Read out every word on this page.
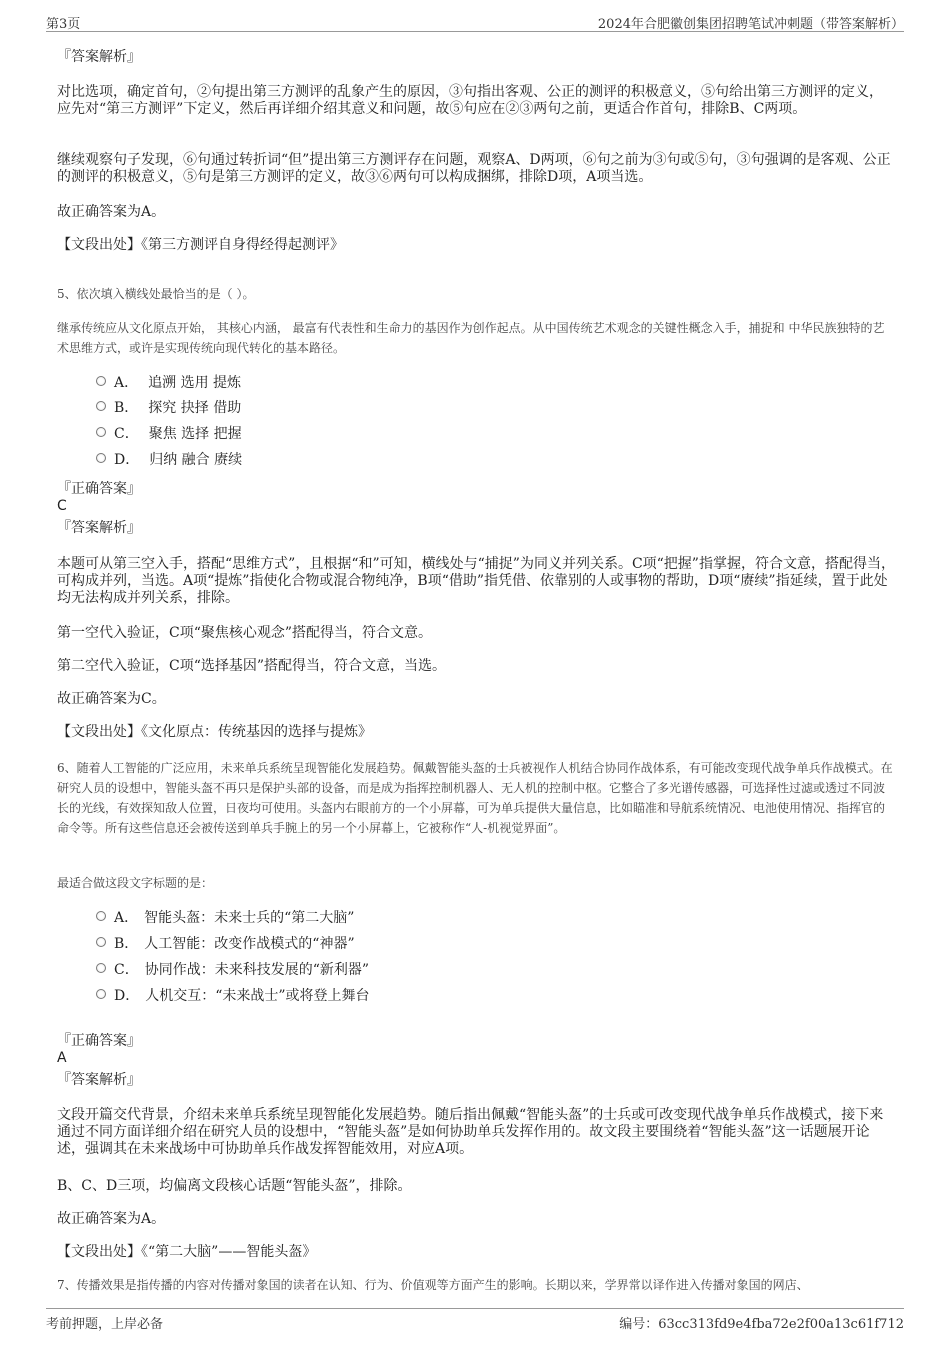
第3页	2024年合肥徽创集团招聘笔试冲刺题（带答案解析）
『答案解析』
对比选项，确定首句，②句提出第三方测评的乱象产生的原因，③句指出客观、公正的测评的积极意义，⑤句给出第三方测评的定义，应先对“第三方测评”下定义，然后再详细介绍其意义和问题，故⑤句应在②③两句之前，更适合作首句，排除B、C两项。
继续观察句子发现，⑥句通过转折词“但”提出第三方测评存在问题，观察A、D两项，⑥句之前为③句或⑤句，③句强调的是客观、公正的测评的积极意义，⑤句是第三方测评的定义，故③⑥两句可以构成捆绑，排除D项，A项当选。
故正确答案为A。
【文段出处】《第三方测评自身得经得起测评》
5、依次填入横线处最恰当的是（ ）。
继承传统应从文化原点开始， 其核心内涵， 最富有代表性和生命力的基因作为创作起点。从中国传统艺术观念的关键性概念入手，捕捉和 中华民族独特的艺术思维方式，或许是实现传统向现代转化的基本路径。
A． 追溯 选用 提炼
B． 探究 抉择 借助
C． 聚焦 选择 把握
D． 归纳 融合 赓续
『正确答案』
C
『答案解析』
本题可从第三空入手，搭配“思维方式”，且根据“和”可知，横线处与“捕捉”为同义并列关系。C项“把握”指掌握，符合文意，搭配得当，可构成并列，当选。A项“提炼”指使化合物或混合物纯净，B项“借助”指凭借、依靠别的人或事物的帮助，D项“赓续”指延续，置于此处均无法构成并列关系，排除。
第一空代入验证，C项“聚焦核心观念”搭配得当，符合文意。
第二空代入验证，C项“选择基因”搭配得当，符合文意，当选。
故正确答案为C。
【文段出处】《文化原点：传统基因的选择与提炼》
6、随着人工智能的广泛应用，未来单兵系统呈现智能化发展趋势。佩戴智能头盔的士兵被视作人机结合协同作战体系，有可能改变现代战争单兵作战模式。在研究人员的设想中，智能头盔不再只是保护头部的设备，而是成为指挥控制机器人、无人机的控制中枢。它整合了多光谱传感器，可选择性过滤或透过不同波长的光线，有效探知敌人位置，日夜均可使用。头盔内右眼前方的一个小屏幕，可为单兵提供大量信息，比如瞄准和导航系统情况、电池使用情况、指挥官的命令等。所有这些信息还会被传送到单兵手腕上的另一个小屏幕上，它被称作“人-机视觉界面”。
最适合做这段文字标题的是：
A． 智能头盔：未来士兵的“第二大脑”
B． 人工智能：改变作战模式的“神器”
C． 协同作战：未来科技发展的“新利器”
D． 人机交互：“未来战士”或将登上舞台
『正确答案』
A
『答案解析』
文段开篇交代背景，介绍未来单兵系统呈现智能化发展趋势。随后指出佩戴“智能头盔”的士兵或可改变现代战争单兵作战模式，接下来通过不同方面详细介绍在研究人员的设想中，“智能头盔”是如何协助单兵发挥作用的。故文段主要围绕着“智能头盔”这一话题展开论述，强调其在未来战场中可协助单兵作战发挥智能效用，对应A项。
B、C、D三项，均偏离文段核心话题“智能头盔”，排除。
故正确答案为A。
【文段出处】《“第二大脑”——智能头盔》
7、传播效果是指传播的内容对传播对象国的读者在认知、行为、价值观等方面产生的影响。长期以来，学界常以译作进入传播对象国的网店、
考前押题，上岸必备	编号：63cc313fd9e4fba72e2f00a13c61f712
